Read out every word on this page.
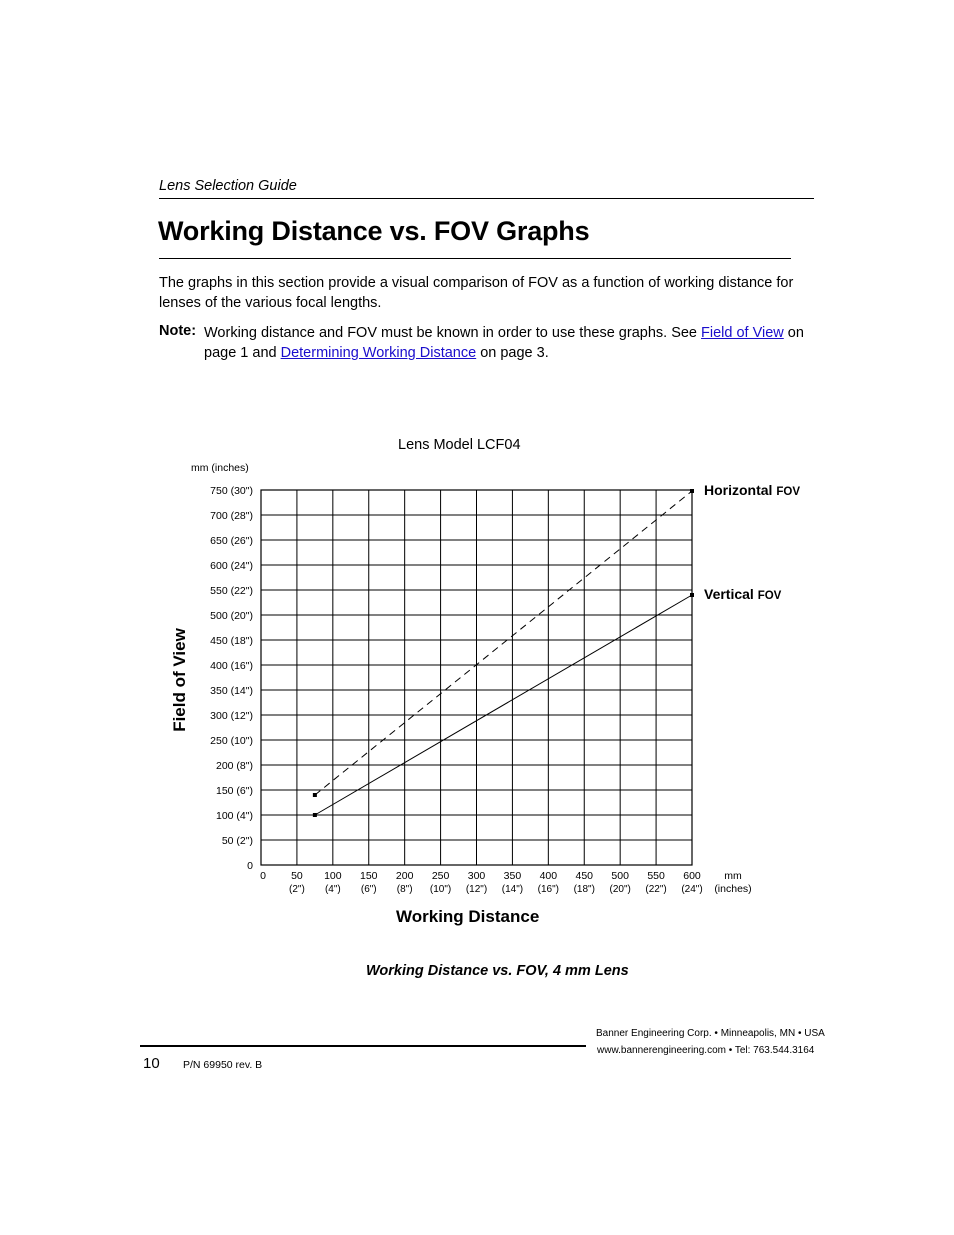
Lens Selection Guide
Working Distance vs. FOV Graphs
The graphs in this section provide a visual comparison of FOV as a function of working distance for lenses of the various focal lengths.
Note: Working distance and FOV must be known in order to use these graphs. See Field of View on page 1 and Determining Working Distance on page 3.
Lens Model LCF04
mm (inches)
Field of View
Working Distance
0
50 (2")
100 (4")
150 (6")
200 (8")
250 (10")
300 (12")
350 (14")
400 (16")
450 (18")
500 (20")
550 (22")
600 (24")
650 (26")
700 (28")
750 (30")
0 50
(2")
100
(4")
150
(6")
200
(8")
250
(10")
300
(12")
350
(14")
400
(16")
450
(18")
500
(20")
550
(22")
600
(24")
Horizontal FOV
Vertical FOV
mm
(inches)
Working Distance vs. FOV, 4 mm Lens
10 P/N 69950 rev. B
Banner Engineering Corp. • Minneapolis, MN • USA
www.bannerengineering.com • Tel: 763.544.3164
